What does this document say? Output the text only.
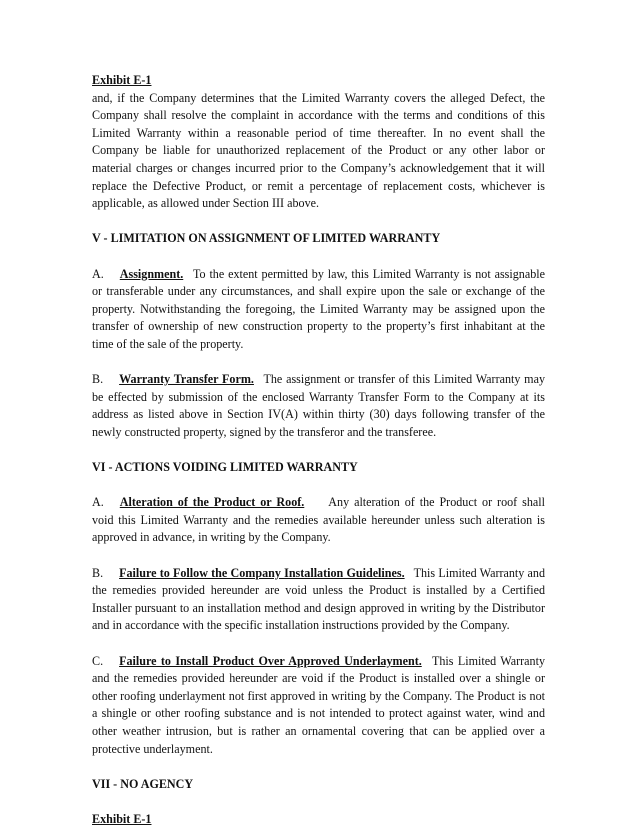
Exhibit E-1

and, if the Company determines that the Limited Warranty covers the alleged Defect, the Company shall resolve the complaint in accordance with the terms and conditions of this Limited Warranty within a reasonable period of time thereafter. In no event shall the Company be liable for unauthorized replacement of the Product or any other labor or material charges or changes incurred prior to the Company’s acknowledgement that it will replace the Defective Product, or remit a percentage of replacement costs, whichever is applicable, as allowed under Section III above.

V - LIMITATION ON ASSIGNMENT OF LIMITED WARRANTY

A. Assignment. To the extent permitted by law, this Limited Warranty is not assignable or transferable under any circumstances, and shall expire upon the sale or exchange of the property. Notwithstanding the foregoing, the Limited Warranty may be assigned upon the transfer of ownership of new construction property to the property’s first inhabitant at the time of the sale of the property.

B. Warranty Transfer Form. The assignment or transfer of this Limited Warranty may be effected by submission of the enclosed Warranty Transfer Form to the Company at its address as listed above in Section IV(A) within thirty (30) days following transfer of the newly constructed property, signed by the transferor and the transferee.

VI - ACTIONS VOIDING LIMITED WARRANTY

A. Alteration of the Product or Roof. Any alteration of the Product or roof shall void this Limited Warranty and the remedies available hereunder unless such alteration is approved in advance, in writing by the Company.

B. Failure to Follow the Company Installation Guidelines. This Limited Warranty and the remedies provided hereunder are void unless the Product is installed by a Certified Installer pursuant to an installation method and design approved in writing by the Distributor and in accordance with the specific installation instructions provided by the Company.

C. Failure to Install Product Over Approved Underlayment. This Limited Warranty and the remedies provided hereunder are void if the Product is installed over a shingle or other roofing underlayment not first approved in writing by the Company. The Product is not a shingle or other roofing substance and is not intended to protect against water, wind and other weather intrusion, but is rather an ornamental covering that can be applied over a protective underlayment.

VII - NO AGENCY

Exhibit E-1
